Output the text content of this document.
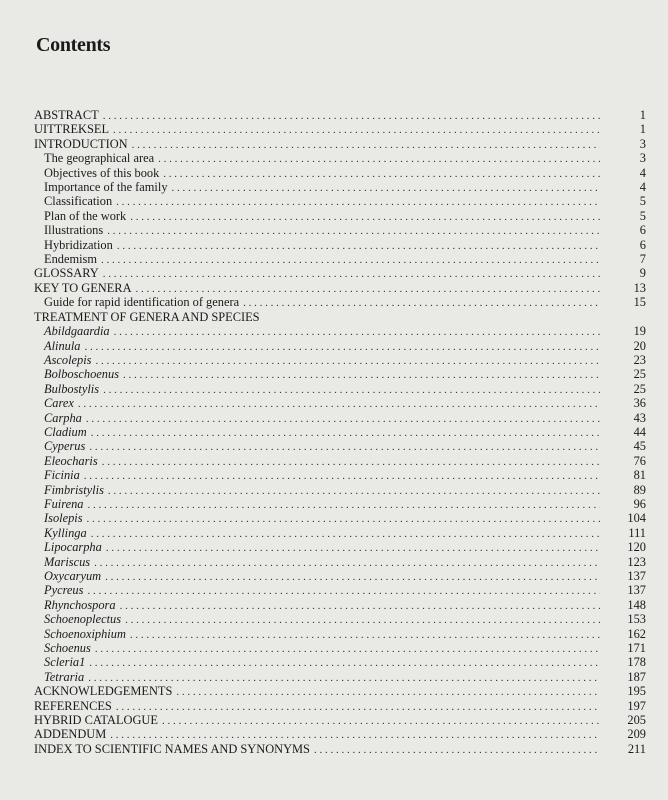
Contents
ABSTRACT . . .	1
UITTREKSEL . . .	1
INTRODUCTION . . .	3
The geographical area . . .	3
Objectives of this book . . .	4
Importance of the family . . .	4
Classification . . .	5
Plan of the work . . .	5
Illustrations . . .	6
Hybridization . . .	6
Endemism . . .	7
GLOSSARY . . .	9
KEY TO GENERA . . .	13
Guide for rapid identification of genera . . .	15
TREATMENT OF GENERA AND SPECIES
Abildgaardia . . .	19
Alinula . . .	20
Ascolepis . . .	23
Bolboschoenus . . .	25
Bulbostylis . . .	25
Carex . . .	36
Carpha . . .	43
Cladium . . .	44
Cyperus . . .	45
Eleocharis . . .	76
Ficinia . . .	81
Fimbristylis . . .	89
Fuirena . . .	96
Isolepis . . .	104
Kyllinga . . .	111
Lipocarpha . . .	120
Mariscus . . .	123
Oxycaryum . . .	137
Pycreus . . .	137
Rhynchospora . . .	148
Schoenoplectus . . .	153
Schoenoxiphium . . .	162
Schoenus . . .	171
Scleria1 . . .	178
Tetraria . . .	187
ACKNOWLEDGEMENTS . . .	195
REFERENCES . . .	197
HYBRID CATALOGUE . . .	205
ADDENDUM . . .	209
INDEX TO SCIENTIFIC NAMES AND SYNONYMS . . .	211
